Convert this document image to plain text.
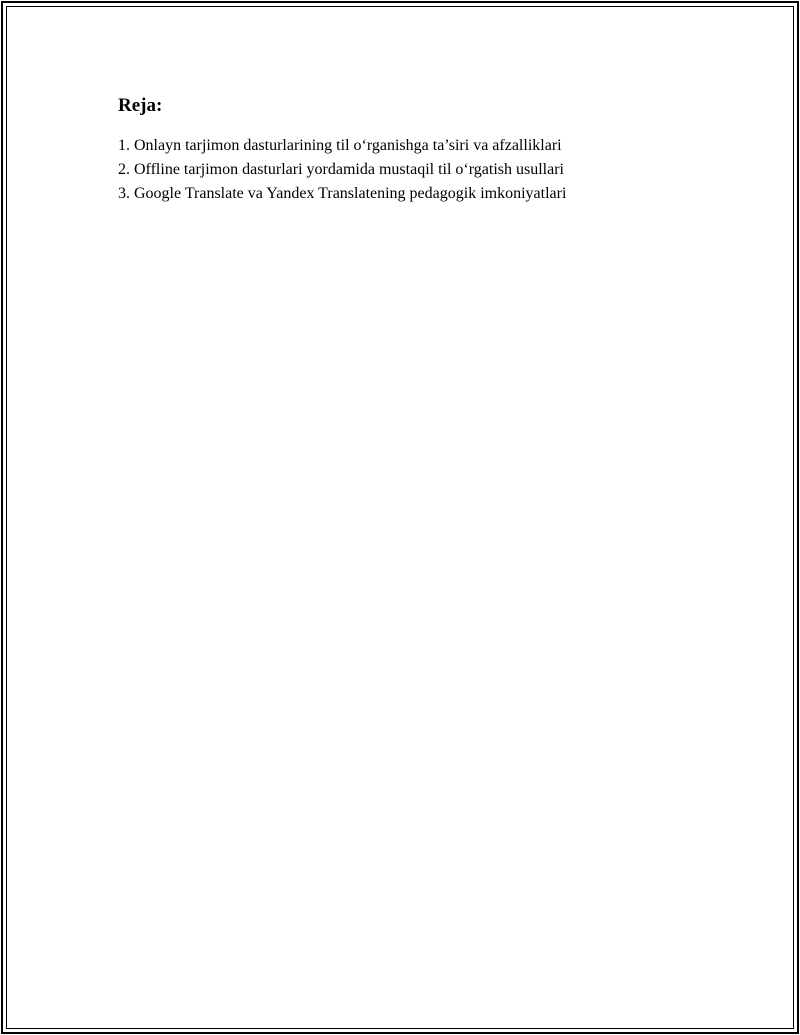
Reja:
1. Onlayn tarjimon dasturlarining til o‘rganishga ta’siri va afzalliklari
2. Offline tarjimon dasturlari yordamida mustaqil til o‘rgatish usullari
3. Google Translate va Yandex Translatening pedagogik imkoniyatlari
